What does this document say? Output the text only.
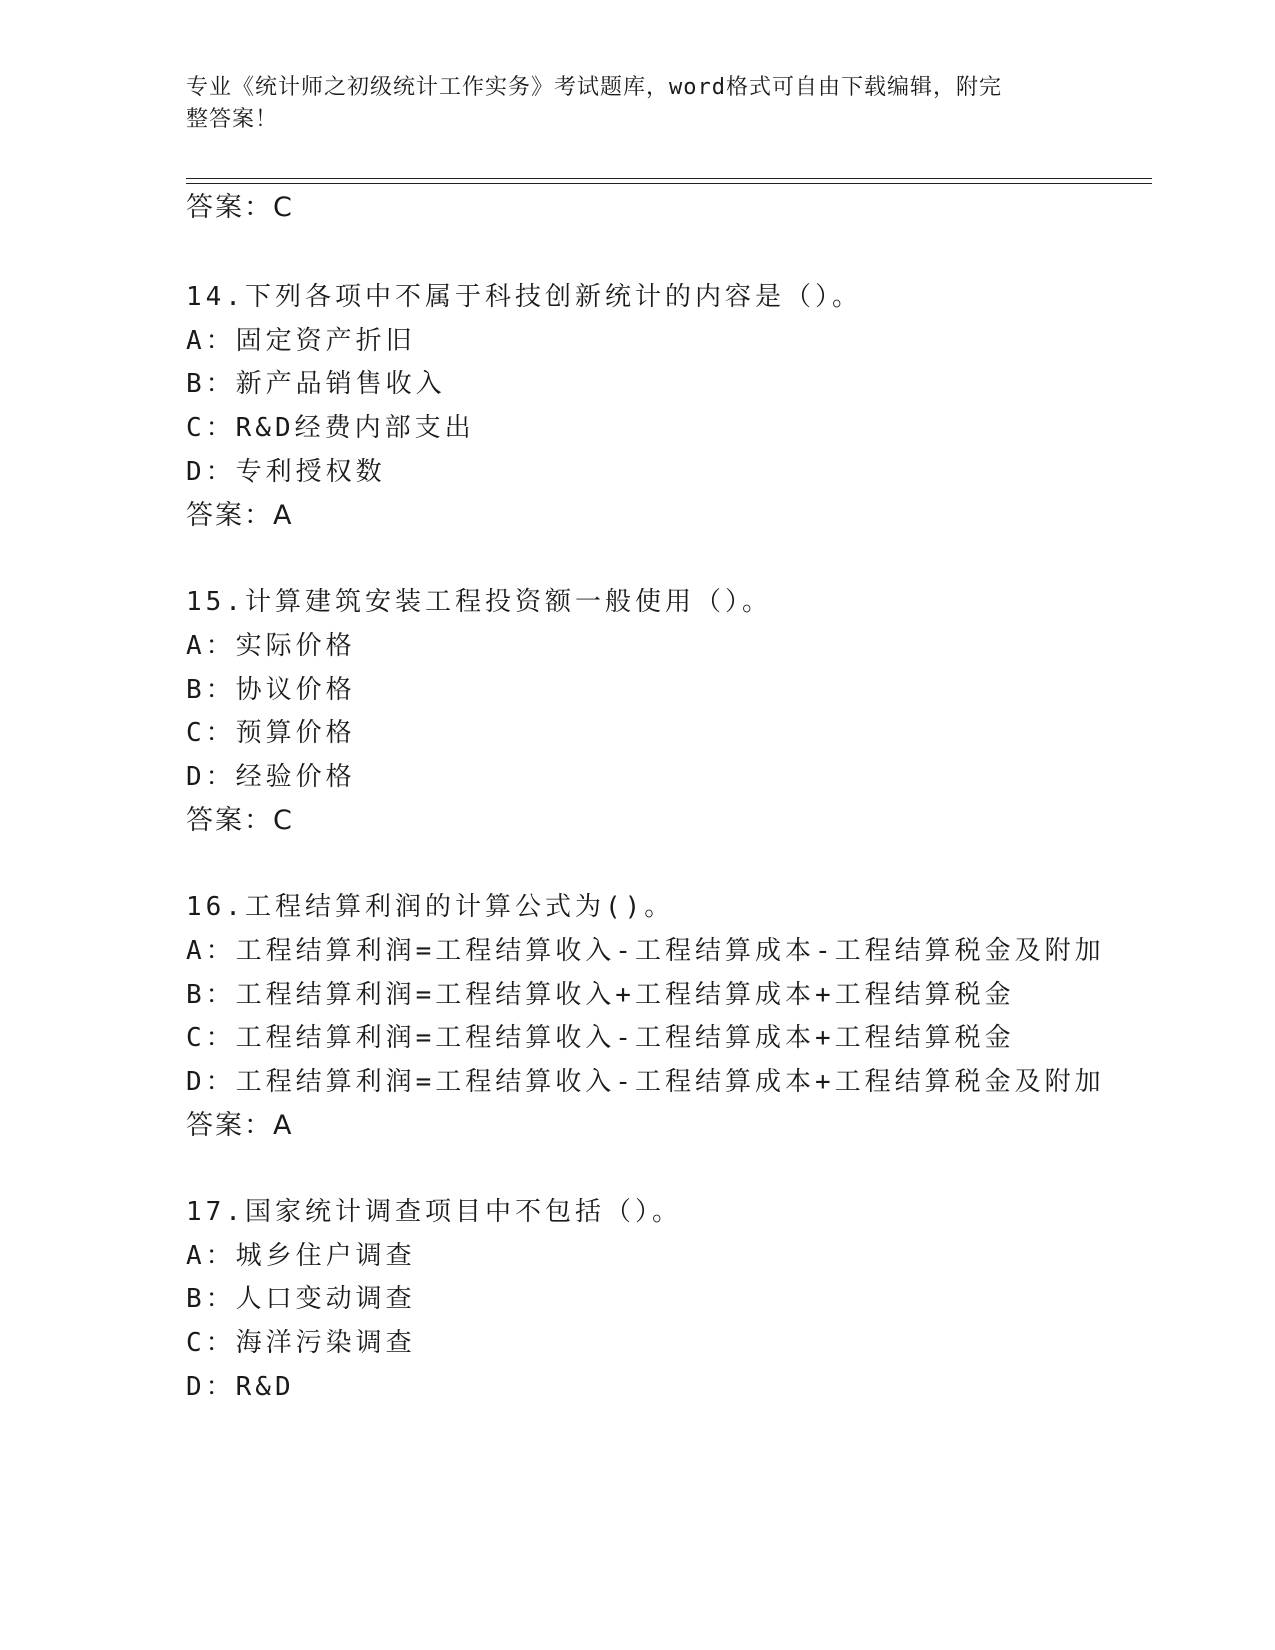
专业《统计师之初级统计工作实务》考试题库，word格式可自由下载编辑，附完
整答案！
答案：C
14.下列各项中不属于科技创新统计的内容是（）。
A：固定资产折旧
B：新产品销售收入
C：R&D经费内部支出
D：专利授权数
答案：A
15.计算建筑安装工程投资额一般使用（）。
A：实际价格
B：协议价格
C：预算价格
D：经验价格
答案：C
16.工程结算利润的计算公式为()。
A：工程结算利润=工程结算收入-工程结算成本-工程结算税金及附加
B：工程结算利润=工程结算收入+工程结算成本+工程结算税金
C：工程结算利润=工程结算收入-工程结算成本+工程结算税金
D：工程结算利润=工程结算收入-工程结算成本+工程结算税金及附加
答案：A
17.国家统计调查项目中不包括（）。
A：城乡住户调查
B：人口变动调查
C：海洋污染调查
D：R&D
